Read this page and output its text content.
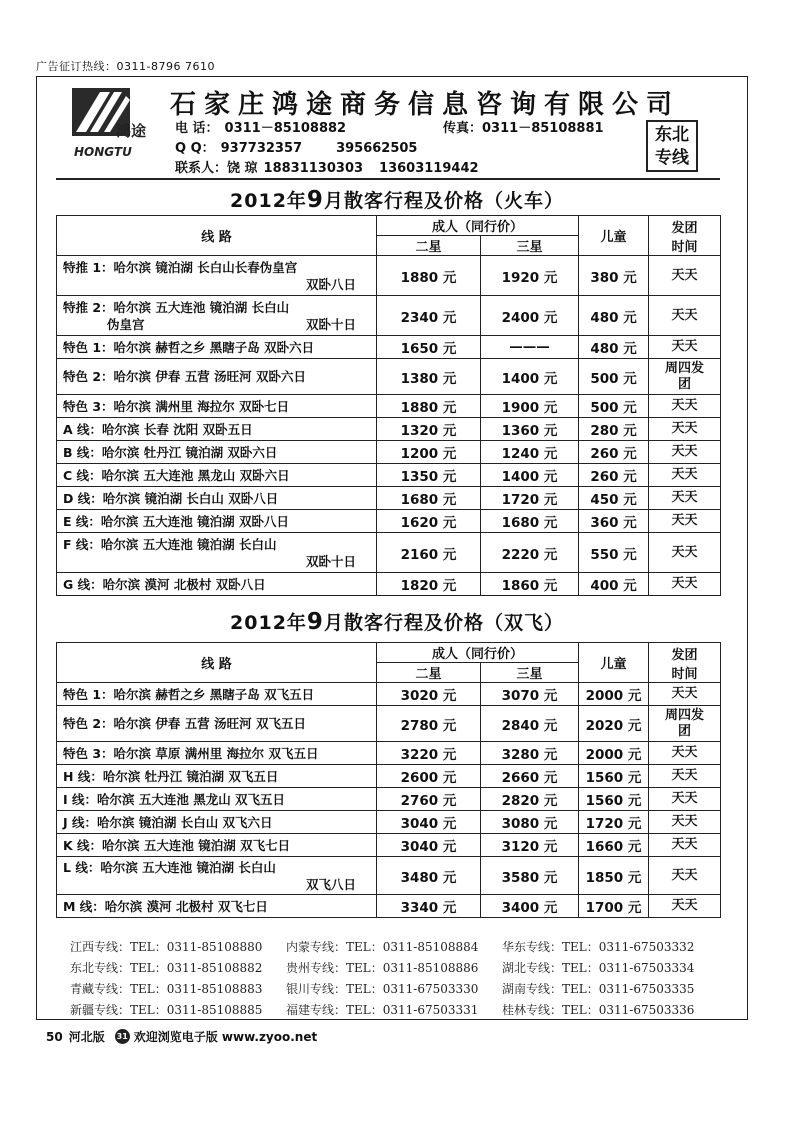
广告征订热线：0311-8796 7610
鸿途
HONGTU
石家庄鸿途商务信息咨询有限公司
电 话： 0311－85108882	传真：0311－85108881
Q Q： 937732357	395662505
联系人：饶 琼 18831130303 13603119442
东北
专线
2012年9月散客行程及价格（火车）
线 路	成人（同行价）		儿童	发团
时间
	二星	三星		

特推 1：哈尔滨 镜泊湖 长白山长春伪皇宫
双卧八日	1880 元	1920 元	380 元	天天

特推 2：哈尔滨 五大连池 镜泊湖 长白山
伪皇宫 双卧十日	2340 元	2400 元	480 元	天天
特色 1：哈尔滨 赫哲之乡 黑瞎子岛 双卧六日	1650 元	———	480 元	天天
特色 2：哈尔滨 伊春 五营 汤旺河 双卧六日	1380 元	1400 元	500 元	周四发团
特色 3：哈尔滨 满州里 海拉尔 双卧七日	1880 元	1900 元	500 元	天天
A 线：哈尔滨 长春 沈阳 双卧五日	1320 元	1360 元	280 元	天天
B 线：哈尔滨 牡丹江 镜泊湖 双卧六日	1200 元	1240 元	260 元	天天
C 线：哈尔滨 五大连池 黑龙山 双卧六日	1350 元	1400 元	260 元	天天
D 线：哈尔滨 镜泊湖 长白山 双卧八日	1680 元	1720 元	450 元	天天
E 线：哈尔滨 五大连池 镜泊湖 双卧八日	1620 元	1680 元	360 元	天天

F 线：哈尔滨 五大连池 镜泊湖 长白山
双卧十日	2160 元	2220 元	550 元	天天
G 线：哈尔滨 漠河 北极村 双卧八日	1820 元	1860 元	400 元	天天
2012年9月散客行程及价格（双飞）
线 路	成人（同行价）		儿童	发团
时间
	二星	三星		
特色 1：哈尔滨 赫哲之乡 黑瞎子岛 双飞五日	3020 元	3070 元	2000 元	天天
特色 2：哈尔滨 伊春 五营 汤旺河 双飞五日	2780 元	2840 元	2020 元	周四发团
特色 3：哈尔滨 草原 满州里 海拉尔 双飞五日	3220 元	3280 元	2000 元	天天
H 线：哈尔滨 牡丹江 镜泊湖 双飞五日	2600 元	2660 元	1560 元	天天
I 线：哈尔滨 五大连池 黑龙山 双飞五日	2760 元	2820 元	1560 元	天天
J 线：哈尔滨 镜泊湖 长白山 双飞六日	3040 元	3080 元	1720 元	天天
K 线：哈尔滨 五大连池 镜泊湖 双飞七日	3040 元	3120 元	1660 元	天天

L 线：哈尔滨 五大连池 镜泊湖 长白山
双飞八日	3480 元	3580 元	1850 元	天天
M 线：哈尔滨 漠河 北极村 双飞七日	3340 元	3400 元	1700 元	天天
江西专线：TEL：0311-85108880	内蒙专线：TEL：0311-85108884	华东专线：TEL：0311-67503332
东北专线：TEL：0311-85108882	贵州专线：TEL：0311-85108886	湖北专线：TEL：0311-67503334
青藏专线：TEL：0311-85108883	银川专线：TEL：0311-67503330	湖南专线：TEL：0311-67503335
新疆专线：TEL：0311-85108885	福建专线：TEL：0311-67503331	桂林专线：TEL：0311-67503336
50 河北版 31 欢迎浏览电子版 www.zyoo.net
